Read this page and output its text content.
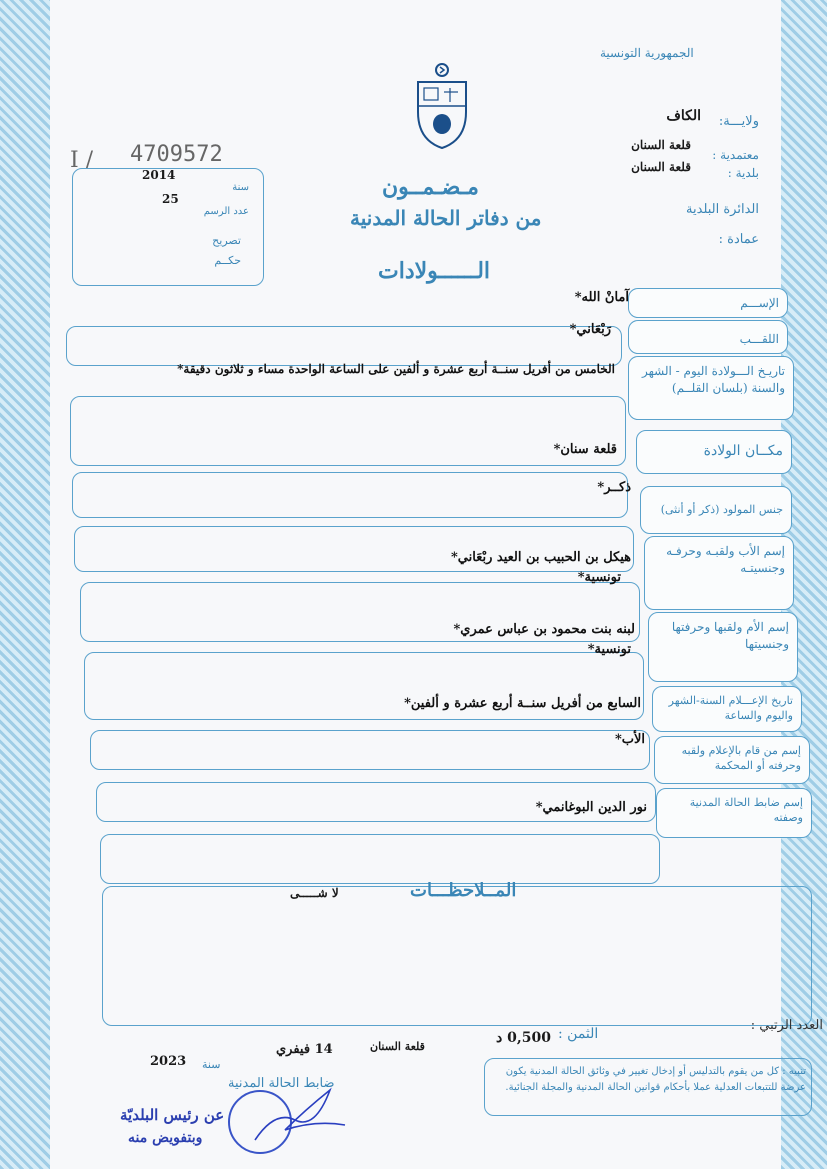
الجمهورية التونسية
I / 4709572
ولايـــة:
الكاف
معتمدية :
قلعة السنان
بلدية :
قلعة السنان
الدائرة البلدية
عمادة :
2014
سنة
25
عدد الرسم
تصريح
حكــم
مـضـمــون
من دفاتر الحالة المدنية
الــــــولادات
الإســـم
آمانْ الله*
اللقـــب
رَبْعَاني*
تاريـخ الـــولادة اليوم - الشهر والسنة (بلسان القلــم)
الخامس من أفريل سنــة أربع عشرة و ألفين على الساعة الواحدة مساء و ثلاثون دقيقة*
مكــان الولادة
قلعة سنان*
جنس المولود (ذكر أو أنثى)
ذكــر*
إسم الأب ولقبـه وحرفـه وجنسيتـه
هيكل بن الحبيب بن العيد ربْعَاني*
تونسية*
إسم الأم ولقبها وحرفتها وجنسيتها
لبنه بنت محمود بن عباس عمري*
تونسية*
تاريخ الإعـــلام السنة-الشهر واليوم والساعة
السابع من أفريل سنــة أربع عشرة و ألفين*
إسم من قام بالإعلام ولقبه وحرفته أو المحكمة
الأب*
إسم ضابط الحالة المدنية وصفته
نور الدين البوغانمي*
المــلاحظـــات
لا شـــــى
العدد الرتبي :
الثمن :
0,500 د
قلعة السنان
14 فيفري
سنة
2023
ضابط الحالة المدنية
عن رئيس البلديّة
وبتفويض منه
تنبيه : كل من يقوم بالتدليس أو إدخال تغيير في وثائق الحالة المدنية يكون عرضة للتتبعات العدلية عملا بأحكام قوانين الحالة المدنية والمجلة الجنائية.
